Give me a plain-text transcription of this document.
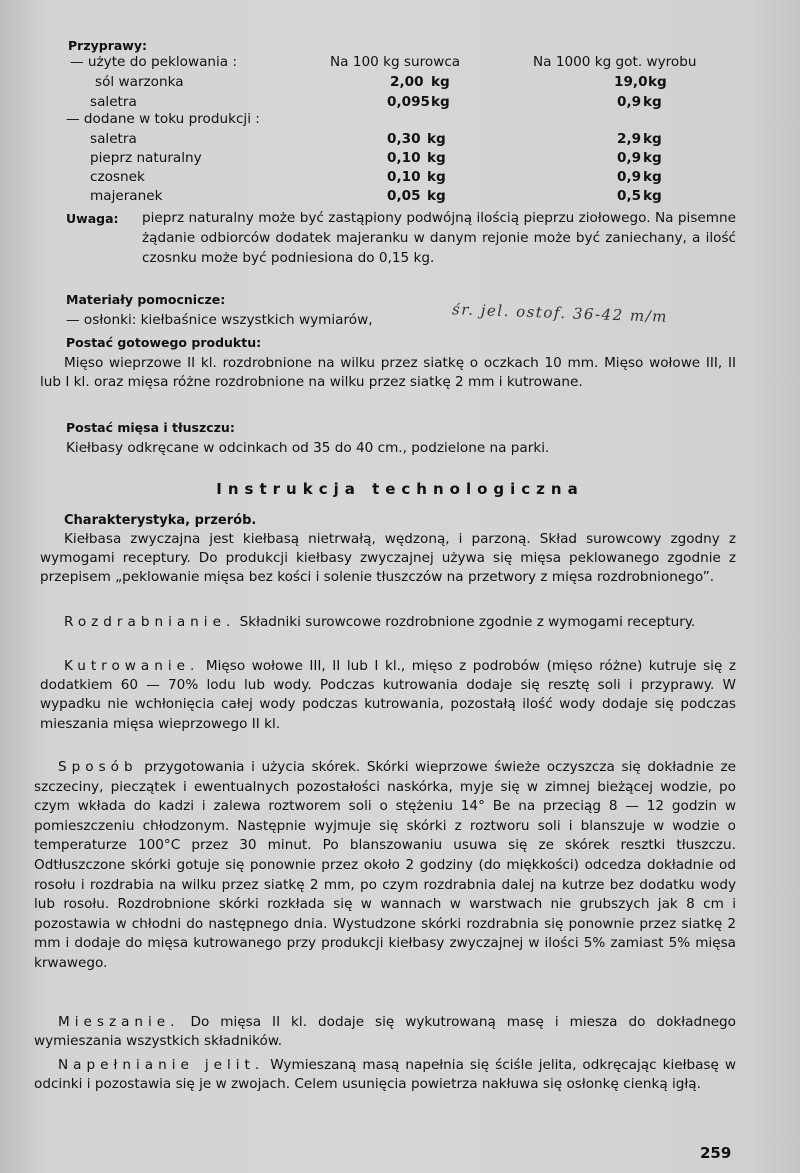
Przyprawy:
— użyte do peklowania :	Na 100 kg surowca	Na 1000 kg got. wyrobu
sól warzonka	2,00 kg	19,0 kg
saletra	0,095 kg	0,9 kg
— dodane w toku produkcji :
saletra	0,30 kg	2,9 kg
pieprz naturalny	0,10 kg	0,9 kg
czosnek	0,10 kg	0,9 kg
majeranek	0,05 kg	0,5 kg
Uwaga: pieprz naturalny może być zastąpiony podwójną ilością pieprzu ziołowego. Na pisemne żądanie odbiorców dodatek majeranku w danym rejonie może być zaniechany, a ilość czosnku może być podniesiona do 0,15 kg.
Materiały pomocnicze:
— osłonki: kiełbaśnice wszystkich wymiarów,	śr. jel. ostof. 36-42 m/m
Postać gotowego produktu:
Mięso wieprzowe II kl. rozdrobnione na wilku przez siatkę o oczkach 10 mm. Mięso wołowe III, II lub I kl. oraz mięsa różne rozdrobnione na wilku przez siatkę 2 mm i kutrowane.
Postać mięsa i tłuszczu:
Kiełbasy odkręcane w odcinkach od 35 do 40 cm., podzielone na parki.
Instrukcja technologiczna
Charakterystyka, przerób.
Kiełbasa zwyczajna jest kiełbasą nietrwałą, wędzoną, i parzoną. Skład surowcowy zgodny z wymogami receptury. Do produkcji kiełbasy zwyczajnej używa się mięsa peklowanego zgodnie z przepisem „peklowanie mięsa bez kości i solenie tłuszczów na przetwory z mięsa rozdrobnionego”.
Rozdrabnianie. Składniki surowcowe rozdrobnione zgodnie z wymogami receptury.
Kutrowanie. Mięso wołowe III, II lub I kl., mięso z podrobów (mięso różne) kutruje się z dodatkiem 60 — 70% lodu lub wody. Podczas kutrowania dodaje się resztę soli i przyprawy. W wypadku nie wchłonięcia całej wody podczas kutrowania, pozostałą ilość wody dodaje się podczas mieszania mięsa wieprzowego II kl.
Sposób przygotowania i użycia skórek. Skórki wieprzowe świeże oczyszcza się dokładnie ze szczeciny, pieczątek i ewentualnych pozostałości naskórka, myje się w zimnej bieżącej wodzie, po czym wkłada do kadzi i zalewa roztworem soli o stężeniu 14° Be na przeciąg 8 — 12 godzin w pomieszczeniu chłodzonym. Następnie wyjmuje się skórki z roztworu soli i blanszuje w wodzie o temperaturze 100°C przez 30 minut. Po blanszowaniu usuwa się ze skórek resztki tłuszczu. Odtłuszczone skórki gotuje się ponownie przez około 2 godziny (do miękkości) odcedza dokładnie od rosołu i rozdrabia na wilku przez siatkę 2 mm, po czym rozdrabnia dalej na kutrze bez dodatku wody lub rosołu. Rozdrobnione skórki rozkłada się w wannach w warstwach nie grubszych jak 8 cm i pozostawia w chłodni do następnego dnia. Wystudzone skórki rozdrabnia się ponownie przez siatkę 2 mm i dodaje do mięsa kutrowanego przy produkcji kiełbasy zwyczajnej w ilości 5% zamiast 5% mięsa krwawego.
Mieszanie. Do mięsa II kl. dodaje się wykutrowaną masę i miesza do dokładnego wymieszania wszystkich składników.
Napełnianie jelit. Wymieszaną masą napełnia się ściśle jelita, odkręcając kiełbasę w odcinki i pozostawia się je w zwojach. Celem usunięcia powietrza nakłuwa się osłonkę cienką igłą.
259
